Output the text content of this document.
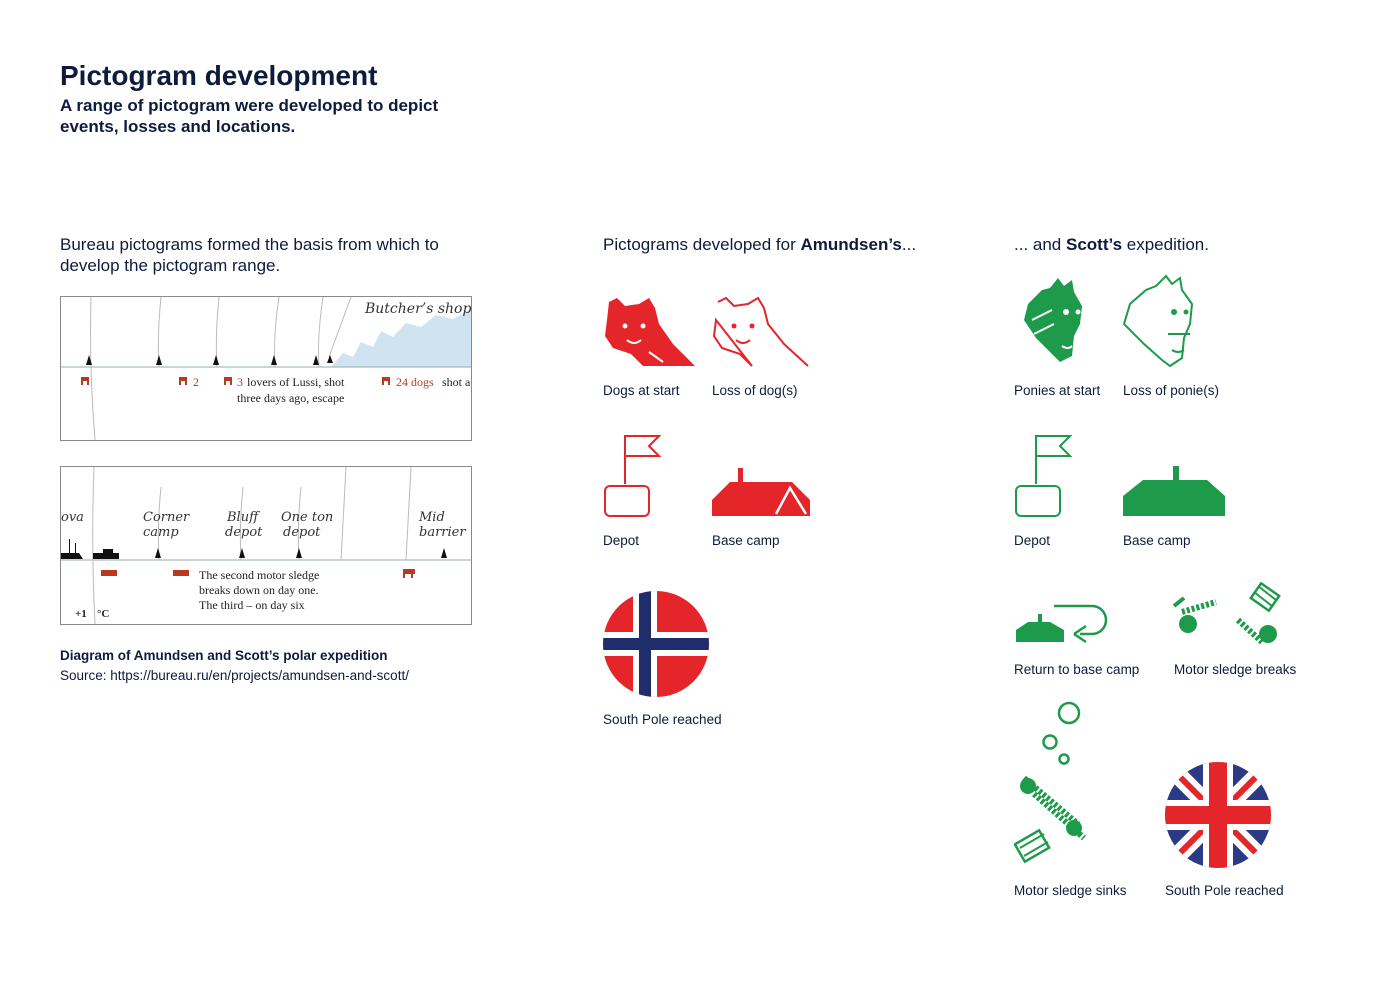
Pictogram development
A range of pictogram were developed to depict events, losses and locations.
Bureau pictograms formed the basis from which to develop the pictogram range.
Butcher’s shop
2	3 lovers of Lussi, shot
three days ago, escape
24 dogs shot a
ova	Corner
camp
Bluff
depot
One ton
depot
Mid
barrier
The second motor sledge
breaks down on day one.
The third – on day six
+1 °C
Diagram of Amundsen and Scott’s polar expedition
Source: https://bureau.ru/en/projects/amundsen-and-scott/
Pictograms developed for Amundsen’s...
Dogs at start Loss of dog(s)
Depot	Base camp
South Pole reached
... and Scott’s expedition.
Ponies at start Loss of ponie(s)
Depot	Base camp
Return to base camp	Motor sledge breaks
Motor sledge sinks	South Pole reached
